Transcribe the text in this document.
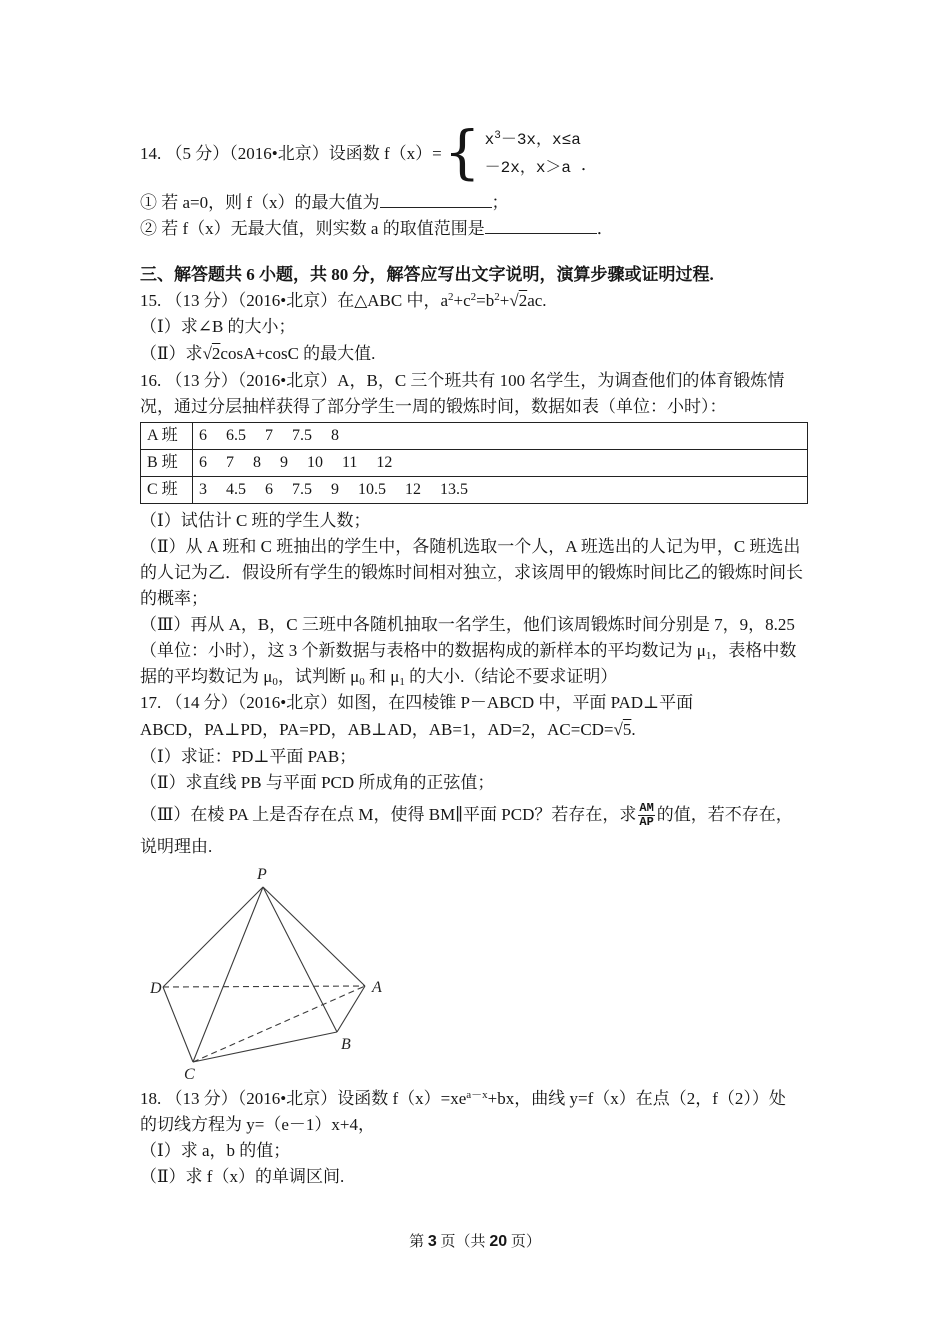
14. （5 分）（2016•北京）设函数 f（x）= { $x^3-3x$，x≤a
－2x，x＞a ．
① 若 a=0，则 f（x）的最大值为	；
② 若 f（x）无最大值，则实数 a 的取值范围是	．
三、解答题共 6 小题，共 80 分，解答应写出文字说明，演算步骤或证明过程.
15. （13 分）（2016•北京）在△ABC 中，$a^2+c^2=b^2+√2ac$.
（Ⅰ）求∠B 的大小；
（Ⅱ）求√2cosA+cosC 的最大值.
16. （13 分）（2016•北京）A，B，C 三个班共有 100 名学生，为调查他们的体育锻炼情
况，通过分层抽样获得了部分学生一周的锻炼时间，数据如表（单位：小时）：
A 班	6 6.5 7 7.5 8
B 班	6 7 8 9 10 11 12
C 班	3 4.5 6 7.5 9 10.5 12 13.5
（Ⅰ）试估计 C 班的学生人数；
（Ⅱ）从 A 班和 C 班抽出的学生中，各随机选取一个人，A 班选出的人记为甲，C 班选出
的人记为乙．假设所有学生的锻炼时间相对独立，求该周甲的锻炼时间比乙的锻炼时间长
的概率；
（Ⅲ）再从 A，B，C 三班中各随机抽取一名学生，他们该周锻炼时间分别是 7，9，8.25
（单位：小时），这 3 个新数据与表格中的数据构成的新样本的平均数记为 $\mu_1$，表格中数
据的平均数记为 $\mu_0$，试判断 $\mu_0$ 和 $\mu_1$ 的大小.（结论不要求证明）
17. （14 分）（2016•北京）如图，在四棱锥 P－ABCD 中，平面 PAD⊥平面
ABCD，PA⊥PD，PA=PD，AB⊥AD，AB=1，AD=2，AC=CD=√5.
（Ⅰ）求证：PD⊥平面 PAB；
（Ⅱ）求直线 PB 与平面 PCD 所成角的正弦值；
（Ⅲ）在棱 PA 上是否存在点 M，使得 BM∥平面 PCD？若存在，求 $\frac{AM}{AP}$ 的值，若不存在，
说明理由.
P
D	A
B
C
18. （13 分）（2016•北京）设函数 $f(x)=xe^{a-x}+bx$，曲线 y=f（x）在点（2，f（2））处
的切线方程为 y=（e－1）x+4，
（Ⅰ）求 a，b 的值；
（Ⅱ）求 f（x）的单调区间.
第 3 页（共 20 页）
